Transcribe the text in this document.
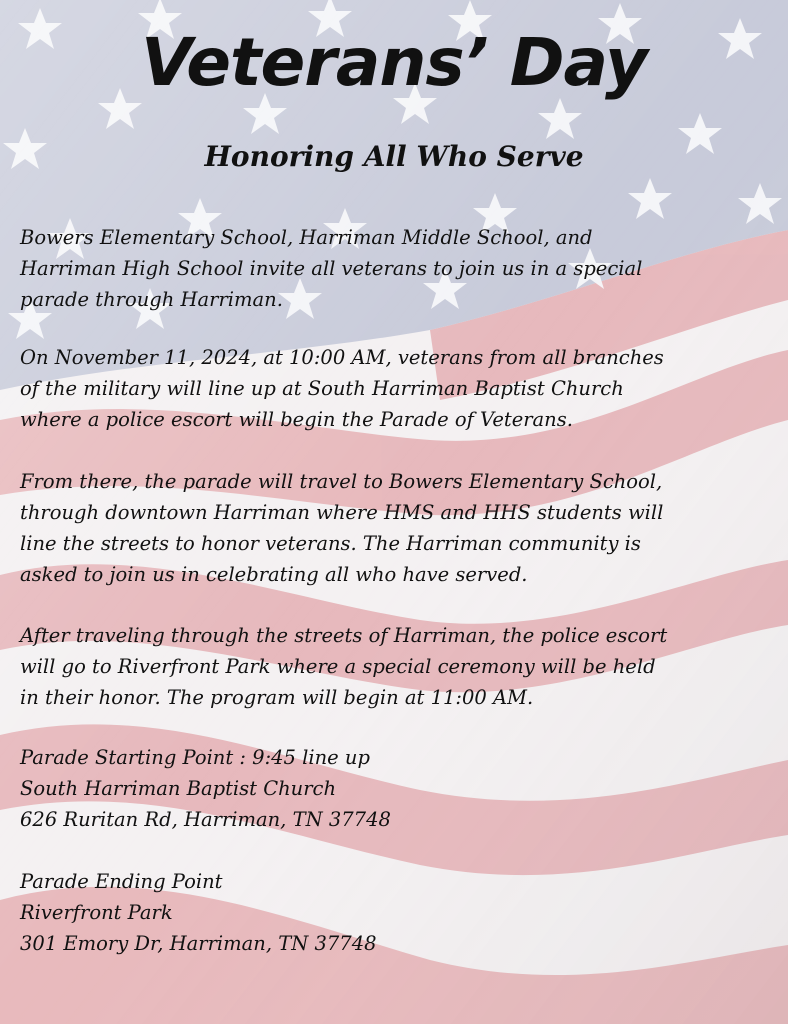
Veterans’ Day
Honoring All Who Serve

Bowers Elementary School, Harriman Middle School, and
Harriman High School invite all veterans to join us in a special
parade through Harriman.

On November 11, 2024, at 10:00 AM, veterans from all branches
of the military will line up at South Harriman Baptist Church
where a police escort will begin the Parade of Veterans.

From there, the parade will travel to Bowers Elementary School,
through downtown Harriman where HMS and HHS students will
line the streets to honor veterans. The Harriman community is
asked to join us in celebrating all who have served.

After traveling through the streets of Harriman, the police escort
will go to Riverfront Park where a special ceremony will be held
in their honor. The program will begin at 11:00 AM.

Parade Starting Point : 9:45 line up
South Harriman Baptist Church
626 Ruritan Rd, Harriman, TN 37748

Parade Ending Point
Riverfront Park
301 Emory Dr, Harriman, TN 37748
